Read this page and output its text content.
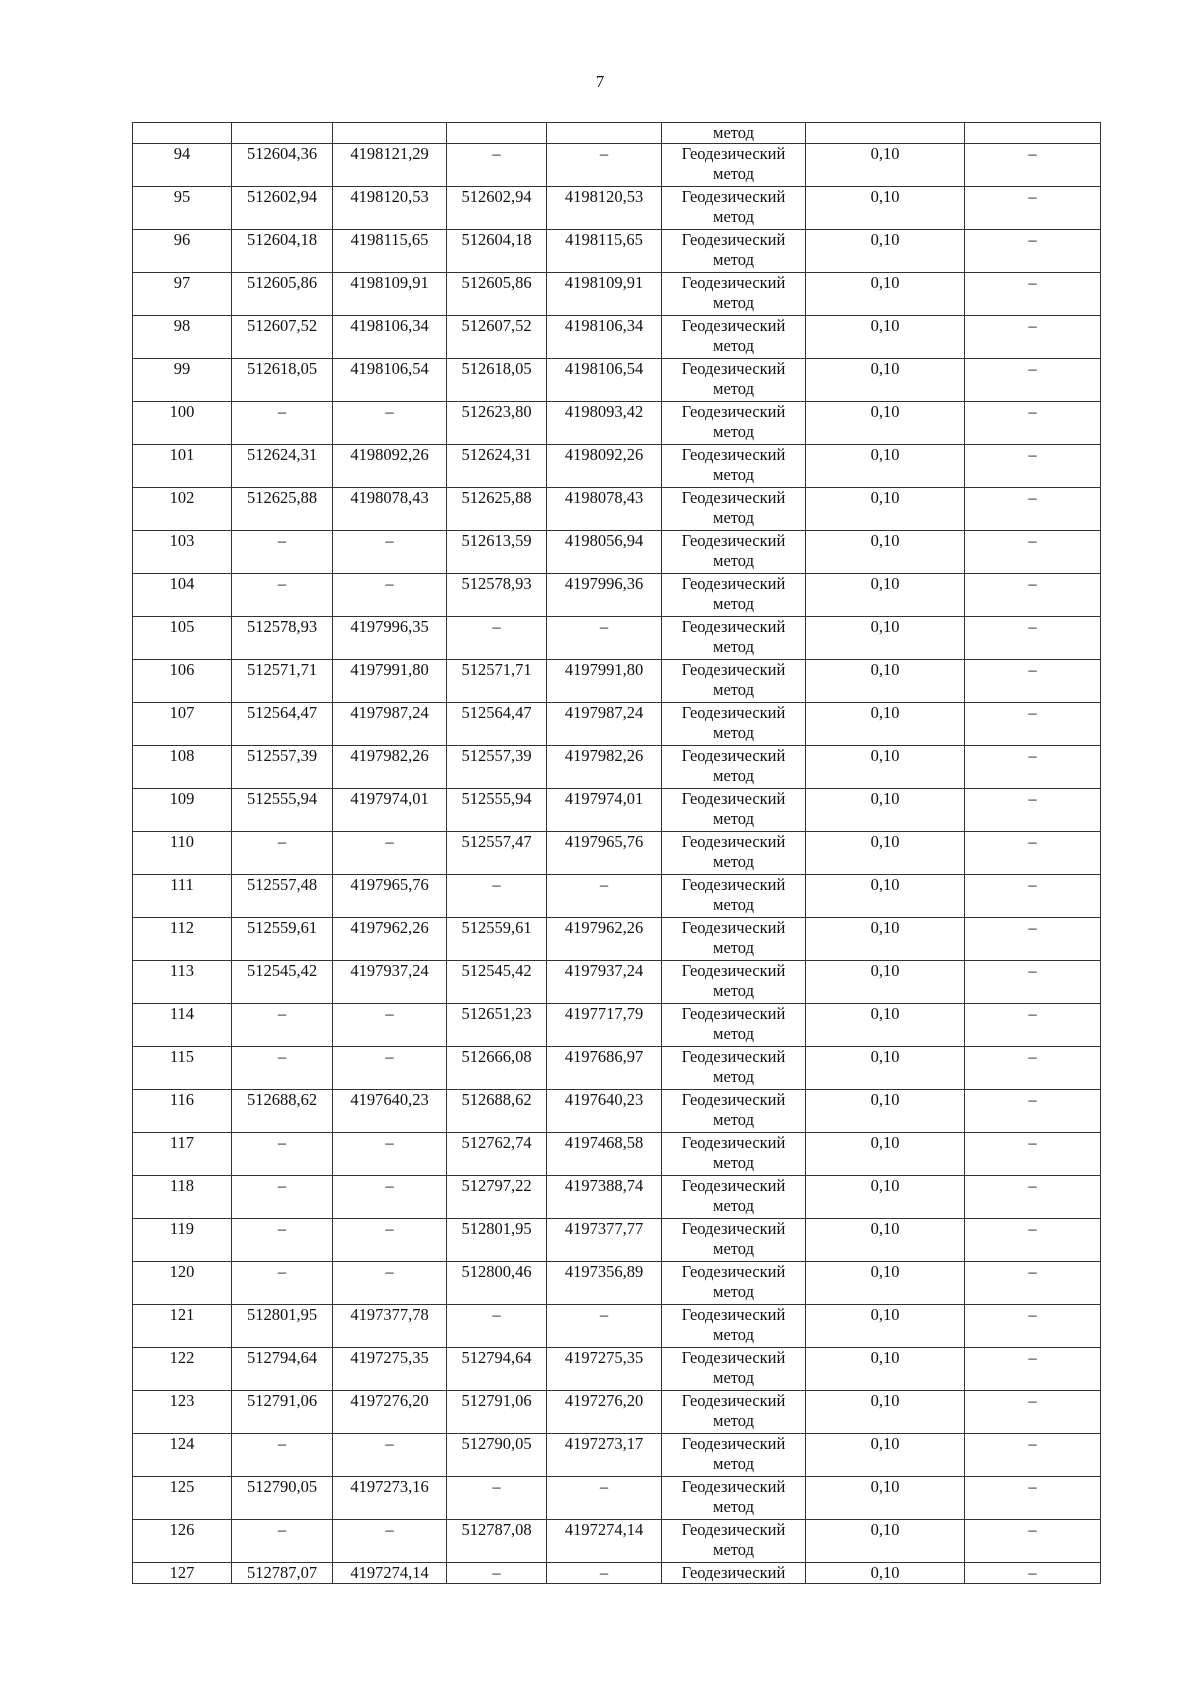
7
					метод		
94	512604,36	4198121,29	–	–	Геодезический
метод	0,10	–
95	512602,94	4198120,53	512602,94	4198120,53	Геодезический
метод	0,10	–
96	512604,18	4198115,65	512604,18	4198115,65	Геодезический
метод	0,10	–
97	512605,86	4198109,91	512605,86	4198109,91	Геодезический
метод	0,10	–
98	512607,52	4198106,34	512607,52	4198106,34	Геодезический
метод	0,10	–
99	512618,05	4198106,54	512618,05	4198106,54	Геодезический
метод	0,10	–
100	–	–	512623,80	4198093,42	Геодезический
метод	0,10	–
101	512624,31	4198092,26	512624,31	4198092,26	Геодезический
метод	0,10	–
102	512625,88	4198078,43	512625,88	4198078,43	Геодезический
метод	0,10	–
103	–	–	512613,59	4198056,94	Геодезический
метод	0,10	–
104	–	–	512578,93	4197996,36	Геодезический
метод	0,10	–
105	512578,93	4197996,35	–	–	Геодезический
метод	0,10	–
106	512571,71	4197991,80	512571,71	4197991,80	Геодезический
метод	0,10	–
107	512564,47	4197987,24	512564,47	4197987,24	Геодезический
метод	0,10	–
108	512557,39	4197982,26	512557,39	4197982,26	Геодезический
метод	0,10	–
109	512555,94	4197974,01	512555,94	4197974,01	Геодезический
метод	0,10	–
110	–	–	512557,47	4197965,76	Геодезический
метод	0,10	–
111	512557,48	4197965,76	–	–	Геодезический
метод	0,10	–
112	512559,61	4197962,26	512559,61	4197962,26	Геодезический
метод	0,10	–
113	512545,42	4197937,24	512545,42	4197937,24	Геодезический
метод	0,10	–
114	–	–	512651,23	4197717,79	Геодезический
метод	0,10	–
115	–	–	512666,08	4197686,97	Геодезический
метод	0,10	–
116	512688,62	4197640,23	512688,62	4197640,23	Геодезический
метод	0,10	–
117	–	–	512762,74	4197468,58	Геодезический
метод	0,10	–
118	–	–	512797,22	4197388,74	Геодезический
метод	0,10	–
119	–	–	512801,95	4197377,77	Геодезический
метод	0,10	–
120	–	–	512800,46	4197356,89	Геодезический
метод	0,10	–
121	512801,95	4197377,78	–	–	Геодезический
метод	0,10	–
122	512794,64	4197275,35	512794,64	4197275,35	Геодезический
метод	0,10	–
123	512791,06	4197276,20	512791,06	4197276,20	Геодезический
метод	0,10	–
124	–	–	512790,05	4197273,17	Геодезический
метод	0,10	–
125	512790,05	4197273,16	–	–	Геодезический
метод	0,10	–
126	–	–	512787,08	4197274,14	Геодезический
метод	0,10	–
127	512787,07	4197274,14	–	–	Геодезический	0,10	–
